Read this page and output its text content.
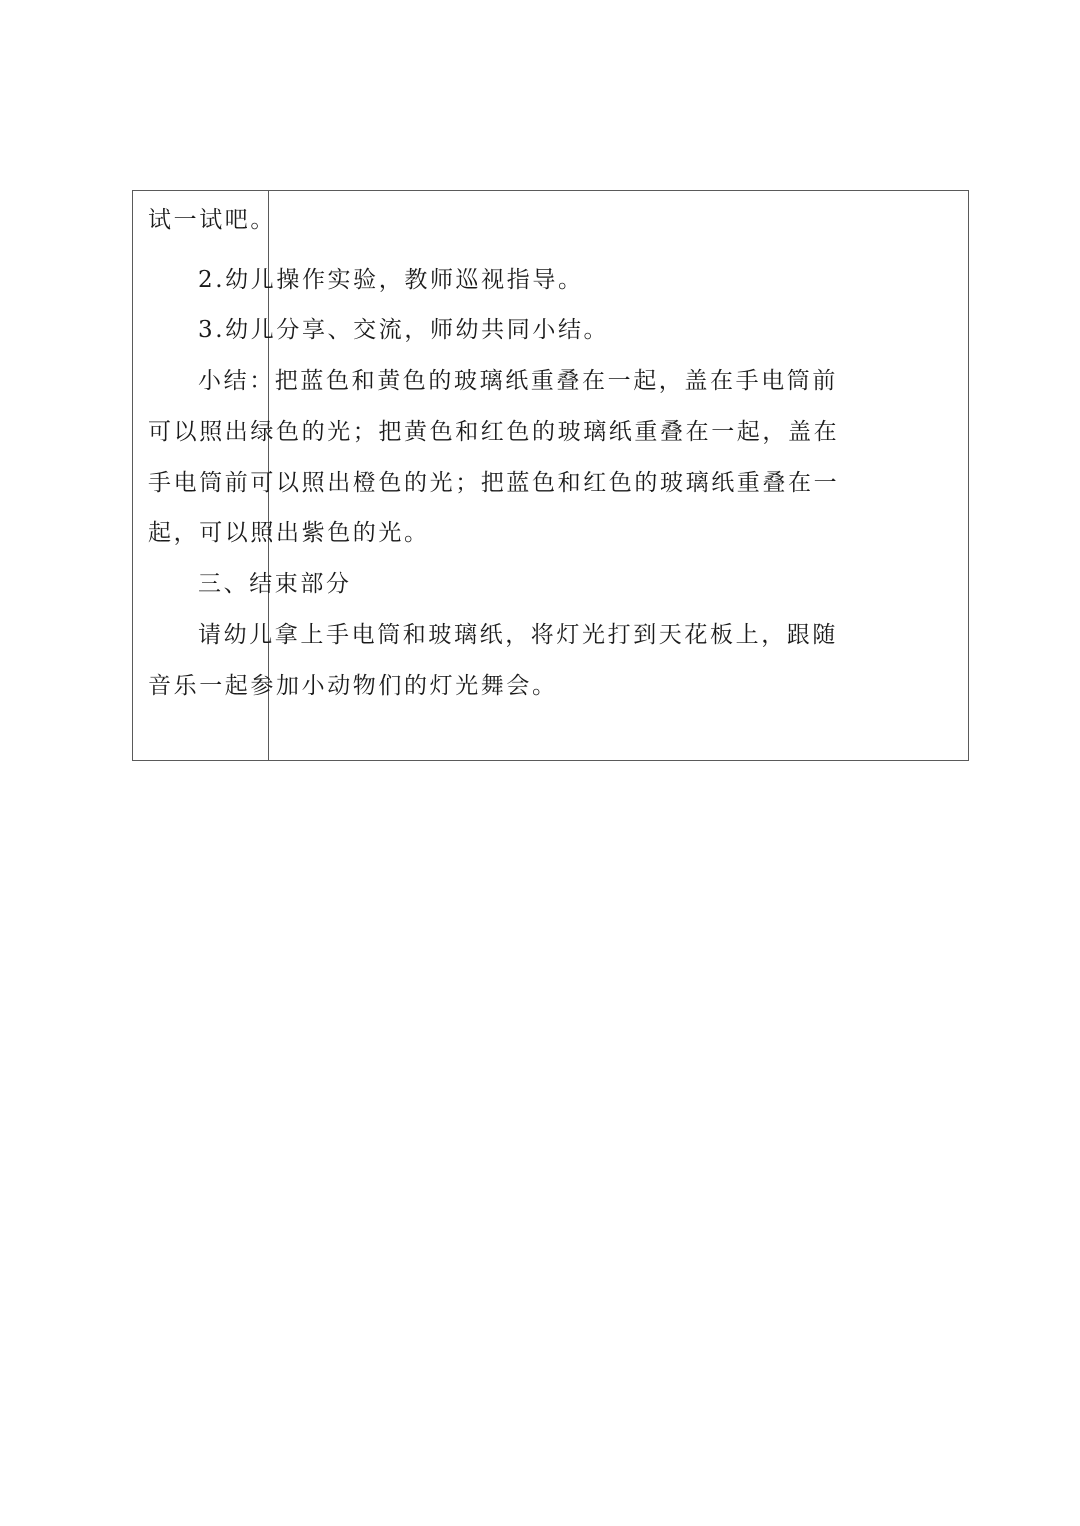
试一试吧。
2.幼儿操作实验，教师巡视指导。
3.幼儿分享、交流，师幼共同小结。
小结：把蓝色和黄色的玻璃纸重叠在一起，盖在手电筒前
可以照出绿色的光；把黄色和红色的玻璃纸重叠在一起，盖在
手电筒前可以照出橙色的光；把蓝色和红色的玻璃纸重叠在一
起，可以照出紫色的光。
三、结束部分
请幼儿拿上手电筒和玻璃纸，将灯光打到天花板上，跟随
音乐一起参加小动物们的灯光舞会。
